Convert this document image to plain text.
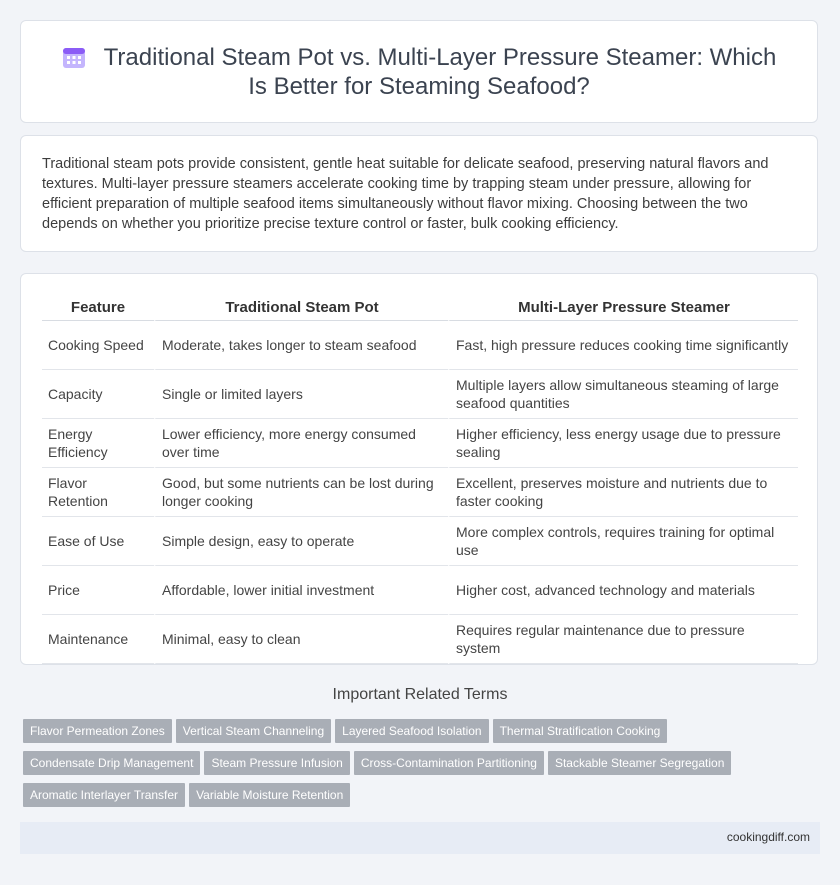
Traditional Steam Pot vs. Multi-Layer Pressure Steamer: Which Is Better for Steaming Seafood?
Traditional steam pots provide consistent, gentle heat suitable for delicate seafood, preserving natural flavors and textures. Multi-layer pressure steamers accelerate cooking time by trapping steam under pressure, allowing for efficient preparation of multiple seafood items simultaneously without flavor mixing. Choosing between the two depends on whether you prioritize precise texture control or faster, bulk cooking efficiency.
Feature	Traditional Steam Pot	Multi-Layer Pressure Steamer
Cooking Speed	Moderate, takes longer to steam seafood	Fast, high pressure reduces cooking time significantly
Capacity	Single or limited layers	Multiple layers allow simultaneous steaming of large seafood quantities
Energy Efficiency	Lower efficiency, more energy consumed over time	Higher efficiency, less energy usage due to pressure sealing
Flavor Retention	Good, but some nutrients can be lost during longer cooking	Excellent, preserves moisture and nutrients due to faster cooking
Ease of Use	Simple design, easy to operate	More complex controls, requires training for optimal use
Price	Affordable, lower initial investment	Higher cost, advanced technology and materials
Maintenance	Minimal, easy to clean	Requires regular maintenance due to pressure system
Important Related Terms
Flavor Permeation Zones Vertical Steam Channeling Layered Seafood Isolation Thermal Stratification Cooking
Condensate Drip Management Steam Pressure Infusion Cross-Contamination Partitioning Stackable Steamer Segregation
Aromatic Interlayer Transfer Variable Moisture Retention
cookingdiff.com
